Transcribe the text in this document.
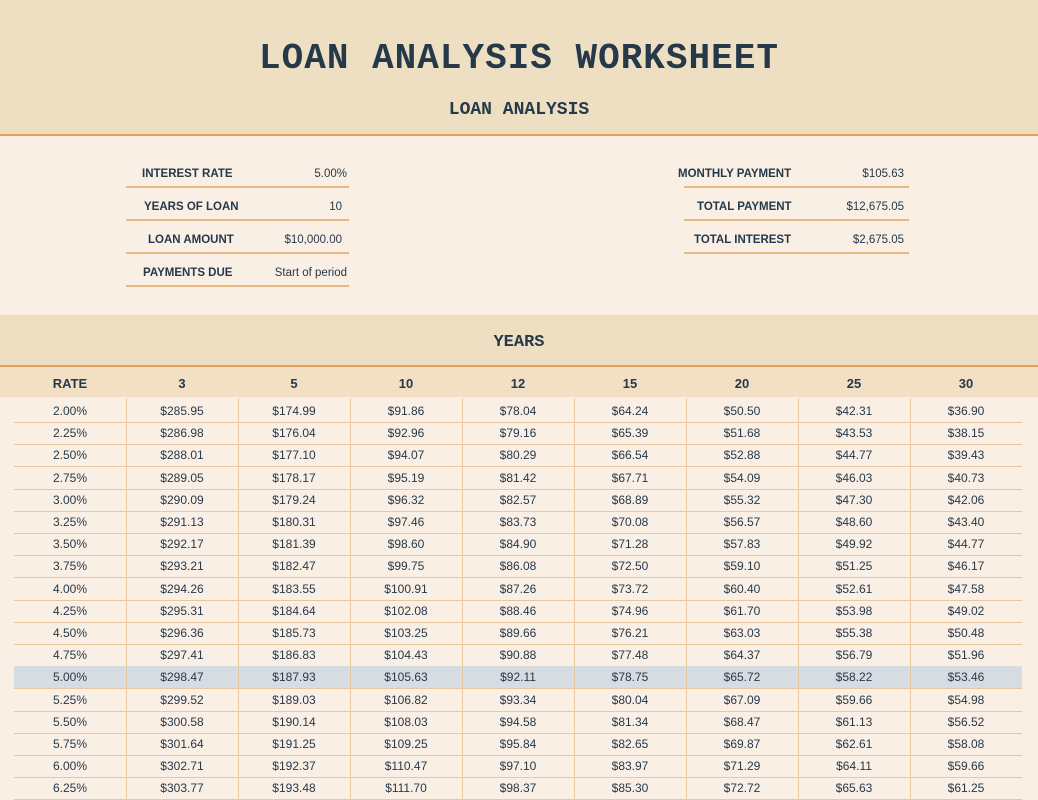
LOAN ANALYSIS WORKSHEET
LOAN ANALYSIS
INTEREST RATE	5.00%
YEARS OF LOAN	10
LOAN AMOUNT	$10,000.00
PAYMENTS DUE	Start of period
MONTHLY PAYMENT	$105.63
TOTAL PAYMENT	$12,675.05
TOTAL INTEREST	$2,675.05
YEARS
RATE	3	5	10	12	15	20	25	30
2.00%	$285.95	$174.99	$91.86	$78.04	$64.24	$50.50	$42.31	$36.90
2.25%	$286.98	$176.04	$92.96	$79.16	$65.39	$51.68	$43.53	$38.15
2.50%	$288.01	$177.10	$94.07	$80.29	$66.54	$52.88	$44.77	$39.43
2.75%	$289.05	$178.17	$95.19	$81.42	$67.71	$54.09	$46.03	$40.73
3.00%	$290.09	$179.24	$96.32	$82.57	$68.89	$55.32	$47.30	$42.06
3.25%	$291.13	$180.31	$97.46	$83.73	$70.08	$56.57	$48.60	$43.40
3.50%	$292.17	$181.39	$98.60	$84.90	$71.28	$57.83	$49.92	$44.77
3.75%	$293.21	$182.47	$99.75	$86.08	$72.50	$59.10	$51.25	$46.17
4.00%	$294.26	$183.55	$100.91	$87.26	$73.72	$60.40	$52.61	$47.58
4.25%	$295.31	$184.64	$102.08	$88.46	$74.96	$61.70	$53.98	$49.02
4.50%	$296.36	$185.73	$103.25	$89.66	$76.21	$63.03	$55.38	$50.48
4.75%	$297.41	$186.83	$104.43	$90.88	$77.48	$64.37	$56.79	$51.96
5.00%	$298.47	$187.93	$105.63	$92.11	$78.75	$65.72	$58.22	$53.46
5.25%	$299.52	$189.03	$106.82	$93.34	$80.04	$67.09	$59.66	$54.98
5.50%	$300.58	$190.14	$108.03	$94.58	$81.34	$68.47	$61.13	$56.52
5.75%	$301.64	$191.25	$109.25	$95.84	$82.65	$69.87	$62.61	$58.08
6.00%	$302.71	$192.37	$110.47	$97.10	$83.97	$71.29	$64.11	$59.66
6.25%	$303.77	$193.48	$111.70	$98.37	$85.30	$72.72	$65.63	$61.25
